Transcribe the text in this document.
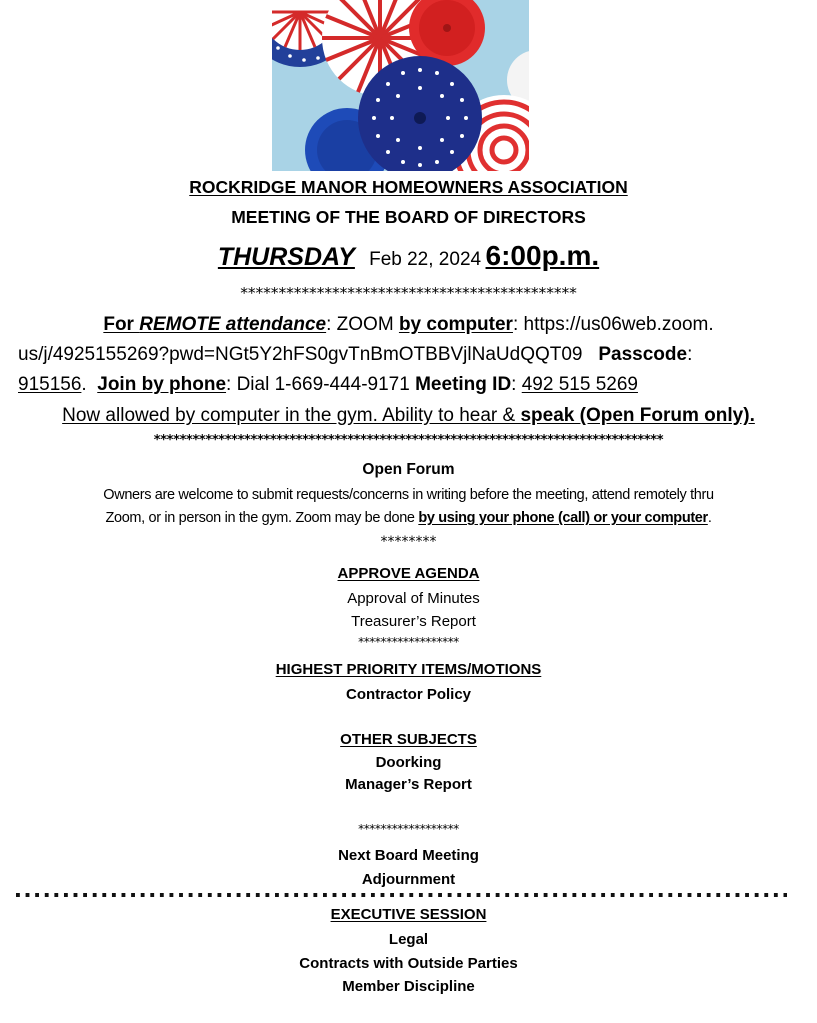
ROCKRIDGE MANOR HOMEOWNERS ASSOCIATION
MEETING OF THE BOARD OF DIRECTORS
THURSDAY Feb 22, 2024 6:00p.m.
********************************************
For REMOTE attendance: ZOOM by computer: https://us06web.zoom.
us/j/4925155269?pwd=NGt5Y2hFS0gvTnBmOTBBVjlNaUdQQT09 Passcode:
915156. Join by phone: Dial 1-669-444-9171 Meeting ID: 492 515 5269
Now allowed by computer in the gym. Ability to hear & speak (Open Forum only).
*******************************************************************************
Open Forum
Owners are welcome to submit requests/concerns in writing before the meeting, attend remotely thru
Zoom, or in person in the gym. Zoom may be done by using your phone (call) or your computer.
********
APPROVE AGENDA
Approval of Minutes
Treasurer’s Report
******************
HIGHEST PRIORITY ITEMS/MOTIONS
Contractor Policy
OTHER SUBJECTS
Doorking
Manager’s Report
******************
Next Board Meeting
Adjournment
EXECUTIVE SESSION
Legal
Contracts with Outside Parties
Member Discipline
